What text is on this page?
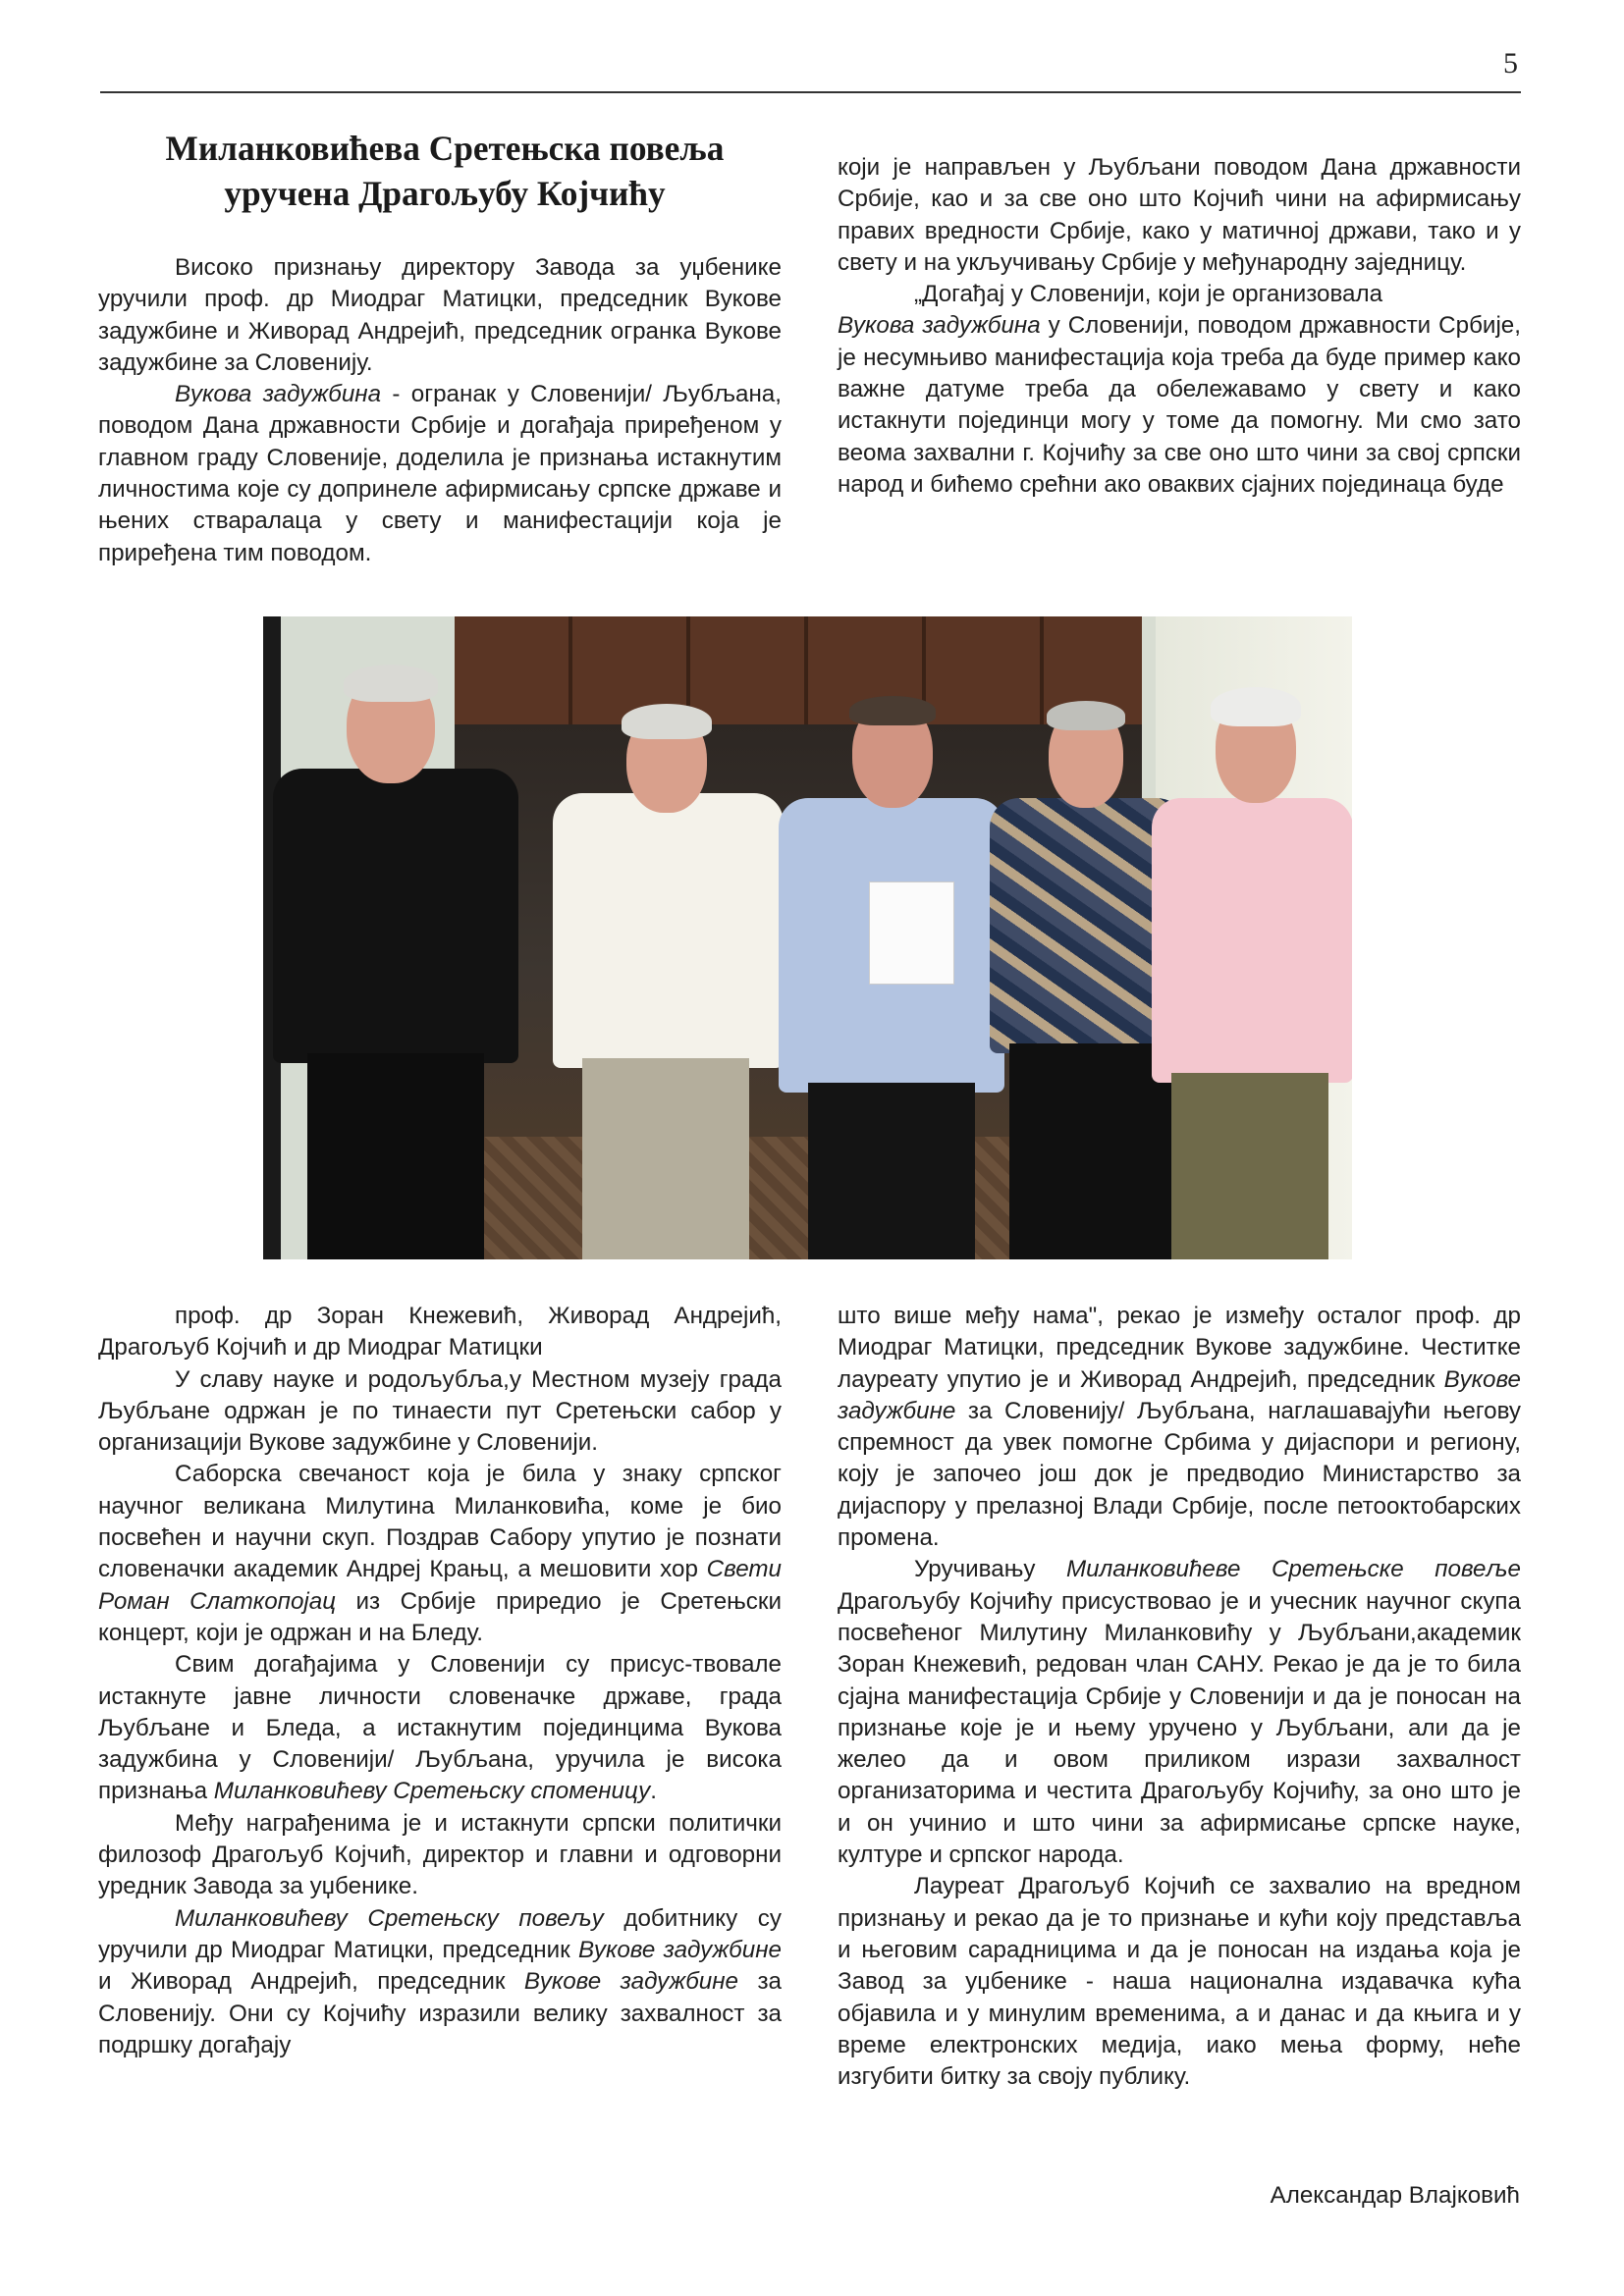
5
Миланковићева Сретењска повеља
уручена Драгољубу Којчићу

Високо признању директору Завода за уџбенике уручили проф. др Миодраг Матицки, председник Вукове задужбине и Живорад Андрејић, председник огранка Вукове задужбине за Словенију.

Вукова задужбина - огранак у Словенији/ Љубљана, поводом Дана државности Србије и догађаја приређеном у главном граду Словеније, доделила је признања истакнутим личностима које су допринеле афирмисању српске државе и њених стваралаца у свету и манифестацији која је приређена тим поводом.

који је направљен у Љубљани поводом Дана државности Србије, као и за све оно што Којчић чини на афирмисању правих вредности Србије, како у матичној држави, тако и у свету и на укључивању Србије у међународну заједницу.

„Догађај у Словенији, који је организовала
Вукова задужбина у Словенији, поводом државности Србије, је несумњиво манифестација која треба да буде пример како важне датуме треба да обележавамо у свету и како истакнути појединци могу у томе да помогну. Ми смо зато веома захвални г. Којчићу за све оно што чини за свој српски народ и бићемо срећни ако оваквих сјајних појединаца буде

проф. др Зоран Кнежевић, Живорад Андрејић, Драгољуб Којчић и др Миодраг Матицки

У славу науке и родољубља,у Местном музеју града Љубљане одржан је по тинаести пут Сретењски сабор у организацији Вукове задужбине у Словенији.

Саборска свечаност која је била у знаку српског научног великана Милутина Миланковића, коме је био посвећен и научни скуп. Поздрав Сабору упутио је познати словеначки академик Андреј Крањц, а мешовити хор Свети Роман Слаткопојац из Србије приредио је Сретењски концерт, који је одржан и на Бледу.

Свим догађајима у Словенији су присус-твовале истакнуте јавне личности словеначке државе, града Љубљане и Бледа, а истакнутим појединцима Вукова задужбина у Словенији/ Љубљана, уручила је висока признања Миланковићеву Сретењску споменицу.

Међу награђенима је и истакнути српски политички филозоф Драгољуб Којчић, директор и главни и одговорни уредник Завода за уџбенике.

Миланковићеву Сретењску повељу добитнику су уручили др Миодраг Матицки, председник Вукове задужбине и Живорад Андрејић, председник Вукове задужбине за Словенију. Они су Којчићу изразили велику захвалност за подршку догађају

што више међу нама", рекао је између осталог проф. др Миодраг Матицки, председник Вукове задужбине. Честитке лауреату упутио је и Живорад Андрејић, председник Вукове задужбине за Словенију/ Љубљана, наглашавајући његову спремност да увек помогне Србима у дијаспори и региону, коју је започео још док је предводио Министарство за дијаспору у прелазној Влади Србије, после петооктобарских промена.

Уручивању Миланковићеве Сретењске повеље Драгољубу Којчићу присуствовао је и учесник научног скупа посвећеног Милутину Миланковићу у Љубљани,академик Зоран Кнежевић, редован члан САНУ. Рекао је да је то била сјајна манифестација Србије у Словенији и да је поносан на признање које је и њему уручено у Љубљани, али да је желео да и овом приликом изрази захвалност организаторима и честита Драгољубу Којчићу, за оно што је и он учинио и што чини за афирмисање српске науке, културе и српског народа.

Лауреат Драгољуб Којчић се захвалио на вредном признању и рекао да је то признање и кући коју представља и његовим сарадницима и да је поносан на издања која је Завод за уџбенике - наша национална издавачка кућа објавила и у минулим временима, а и данас и да књига и у време електронских медија, иако мења форму, неће изгубити битку за своју публику.

Александар Влајковић
